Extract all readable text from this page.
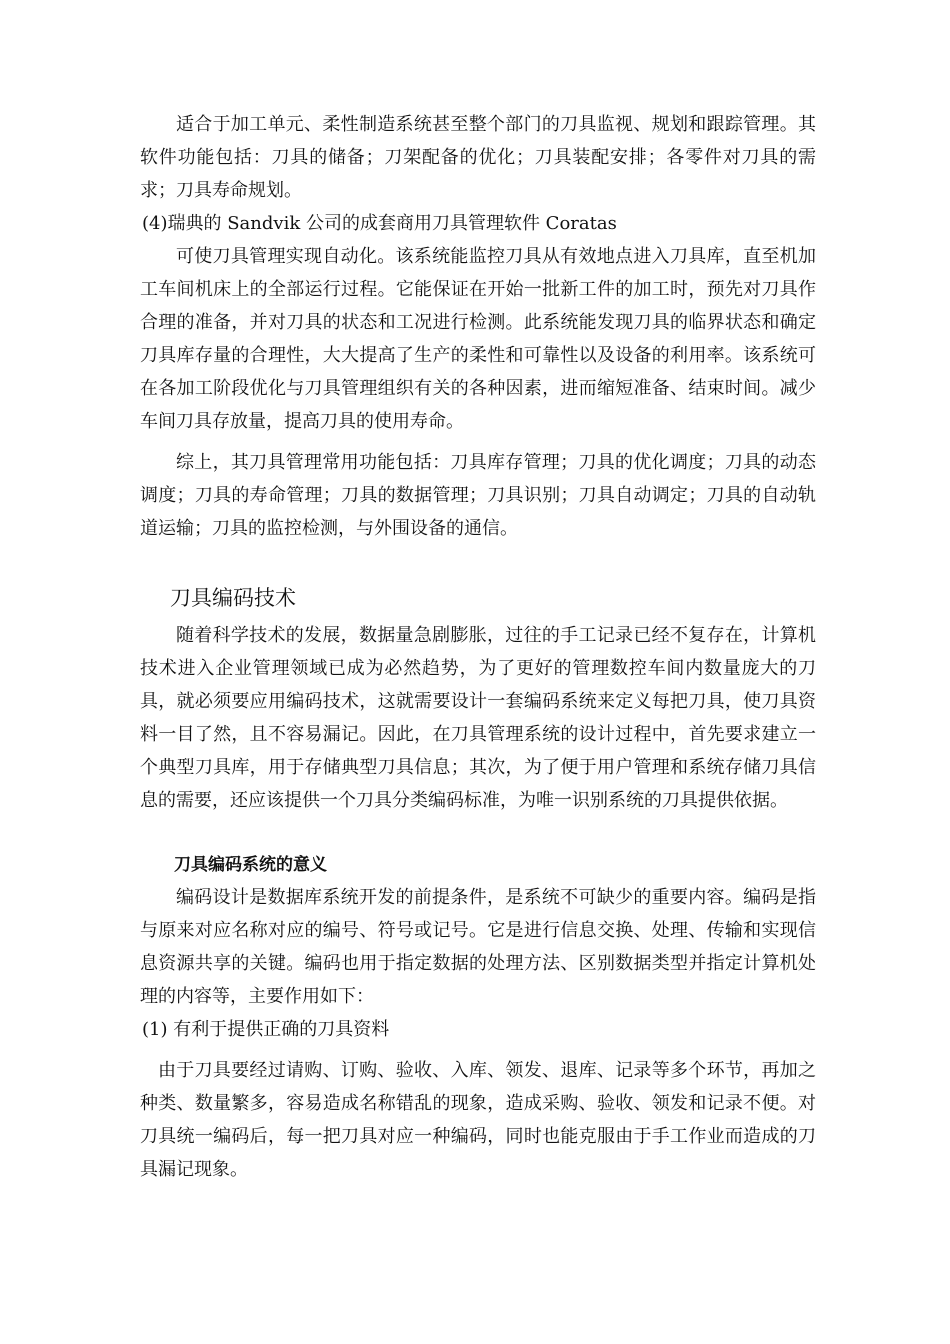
适合于加工单元、柔性制造系统甚至整个部门的刀具监视、规划和跟踪管理。其软件功能包括：刀具的储备；刀架配备的优化；刀具装配安排；各零件对刀具的需求；刀具寿命规划。

(4)瑞典的 Sandvik 公司的成套商用刀具管理软件 Coratas

可使刀具管理实现自动化。该系统能监控刀具从有效地点进入刀具库，直至机加工车间机床上的全部运行过程。它能保证在开始一批新工件的加工时，预先对刀具作合理的准备，并对刀具的状态和工况进行检测。此系统能发现刀具的临界状态和确定刀具库存量的合理性，大大提高了生产的柔性和可靠性以及设备的利用率。该系统可在各加工阶段优化与刀具管理组织有关的各种因素，进而缩短准备、结束时间。减少车间刀具存放量，提高刀具的使用寿命。

综上，其刀具管理常用功能包括：刀具库存管理；刀具的优化调度；刀具的动态调度；刀具的寿命管理；刀具的数据管理；刀具识别；刀具自动调定；刀具的自动轨道运输；刀具的监控检测，与外围设备的通信。

刀具编码技术

随着科学技术的发展，数据量急剧膨胀，过往的手工记录已经不复存在，计算机技术进入企业管理领域已成为必然趋势，为了更好的管理数控车间内数量庞大的刀具，就必须要应用编码技术，这就需要设计一套编码系统来定义每把刀具，使刀具资料一目了然，且不容易漏记。因此，在刀具管理系统的设计过程中，首先要求建立一个典型刀具库，用于存储典型刀具信息；其次，为了便于用户管理和系统存储刀具信息的需要，还应该提供一个刀具分类编码标准，为唯一识别系统的刀具提供依据。

刀具编码系统的意义

编码设计是数据库系统开发的前提条件，是系统不可缺少的重要内容。编码是指与原来对应名称对应的编号、符号或记号。它是进行信息交换、处理、传输和实现信息资源共享的关键。编码也用于指定数据的处理方法、区别数据类型并指定计算机处理的内容等，主要作用如下：

(1) 有利于提供正确的刀具资料

由于刀具要经过请购、订购、验收、入库、领发、退库、记录等多个环节，再加之种类、数量繁多，容易造成名称错乱的现象，造成采购、验收、领发和记录不便。对刀具统一编码后，每一把刀具对应一种编码，同时也能克服由于手工作业而造成的刀具漏记现象。
